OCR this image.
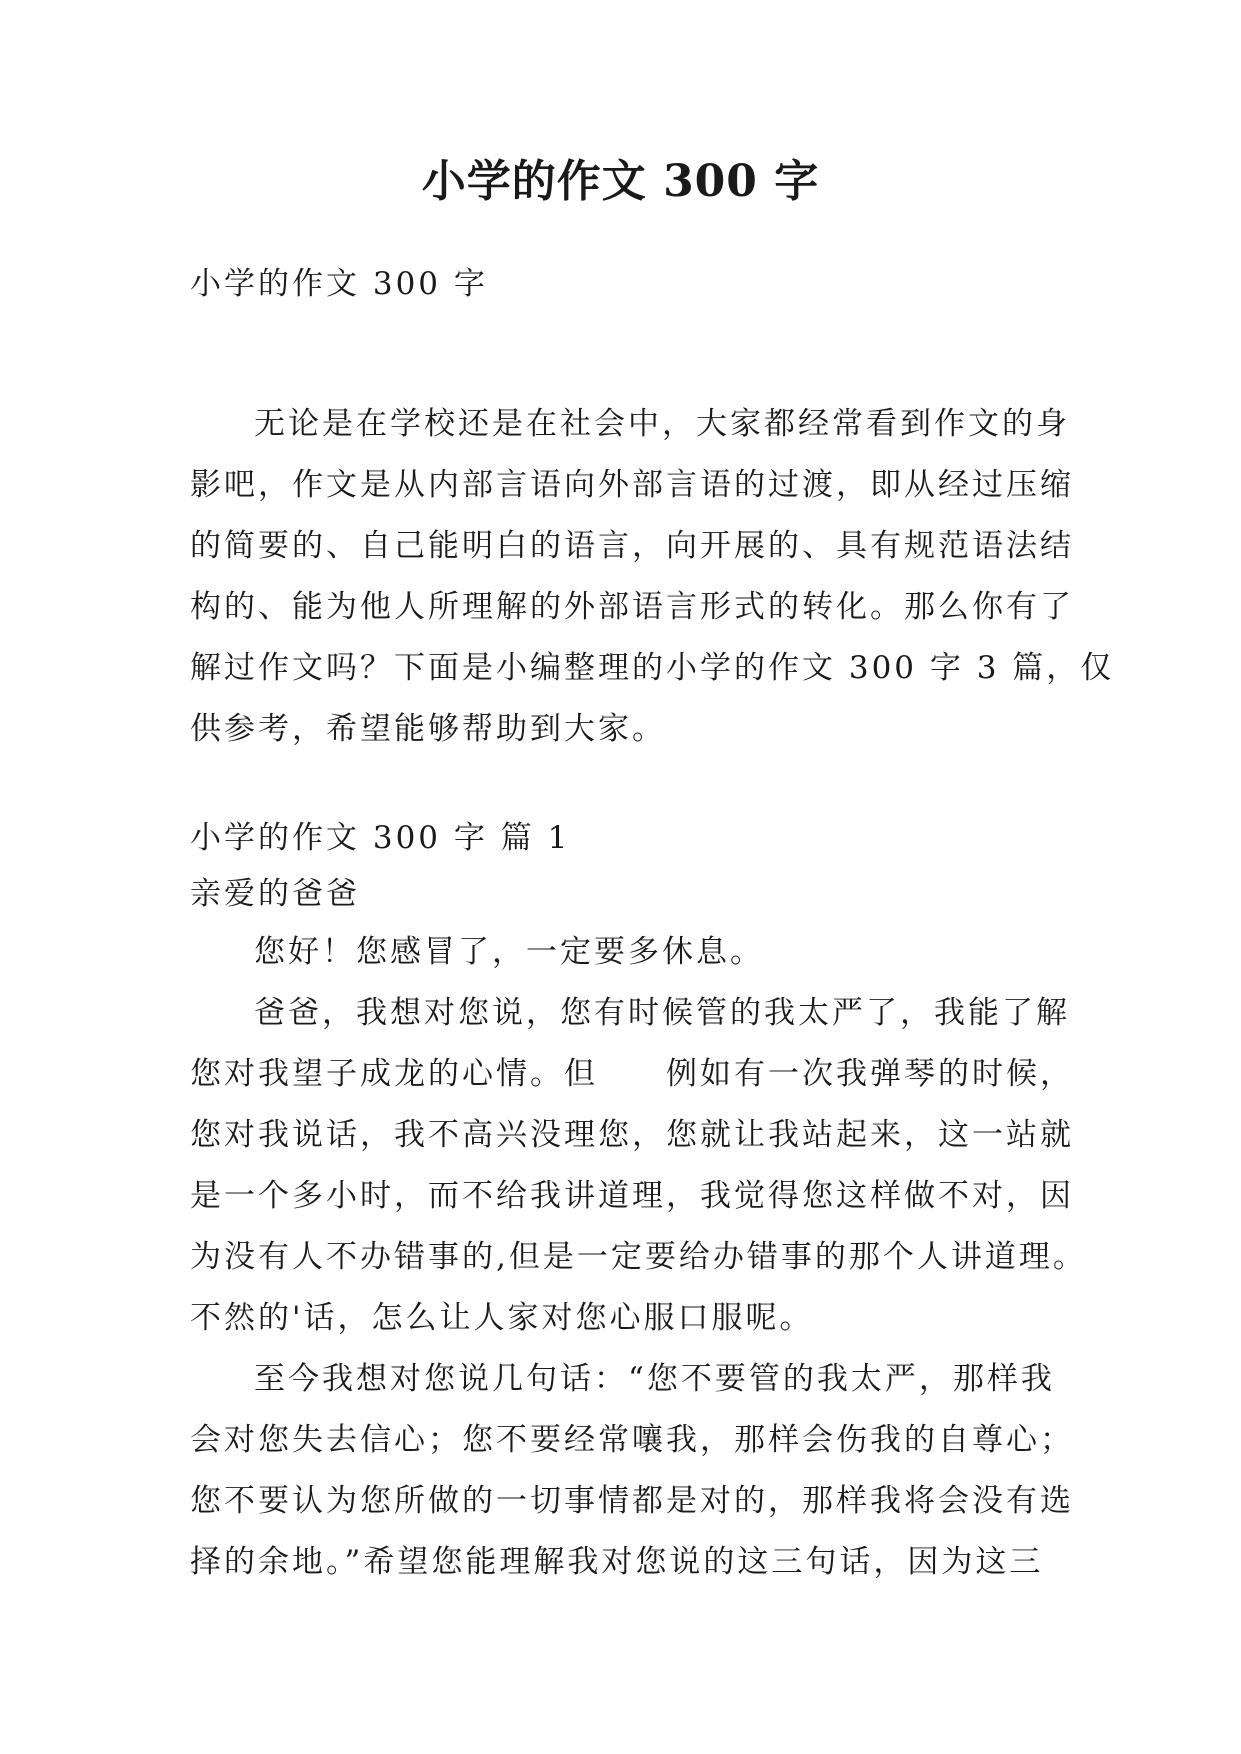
小学的作文 300 字
小学的作文 300 字
无论是在学校还是在社会中，大家都经常看到作文的身
影吧，作文是从内部言语向外部言语的过渡，即从经过压缩
的简要的、自己能明白的语言，向开展的、具有规范语法结
构的、能为他人所理解的外部语言形式的转化。那么你有了
解过作文吗？下面是小编整理的小学的作文 300 字 3 篇，仅
供参考，希望能够帮助到大家。
小学的作文 300 字 篇 1
亲爱的爸爸
您好！您感冒了，一定要多休息。
爸爸，我想对您说，您有时候管的我太严了，我能了解
您对我望子成龙的心情。但　　例如有一次我弹琴的时候，
您对我说话，我不高兴没理您，您就让我站起来，这一站就
是一个多小时，而不给我讲道理，我觉得您这样做不对，因
为没有人不办错事的,但是一定要给办错事的那个人讲道理。
不然的'话，怎么让人家对您心服口服呢。
至今我想对您说几句话：“您不要管的我太严，那样我
会对您失去信心；您不要经常嚷我，那样会伤我的自尊心；
您不要认为您所做的一切事情都是对的，那样我将会没有选
择的余地。”希望您能理解我对您说的这三句话，因为这三
